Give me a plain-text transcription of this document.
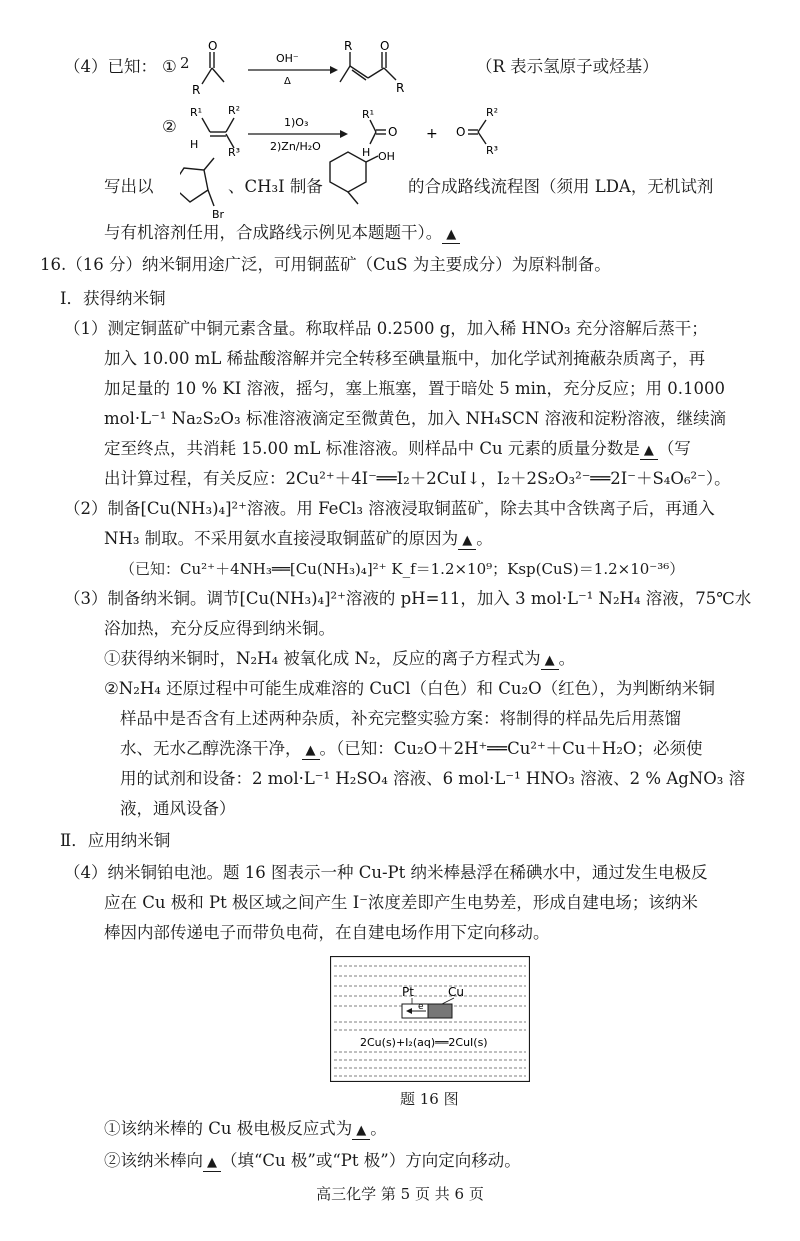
（4）已知： ① 2
O
R
OH⁻
Δ
R O
R
R¹ R²
H
R³
1)O₃
2)Zn/H₂O
R¹
O
H
+ O
R²
R³
Br
OH
（R 表示氢原子或烃基）
②
写出以	、CH₃I 制备	的合成路线流程图（须用 LDA，无机试剂
与有机溶剂任用，合成路线示例见本题题干）。 ▲
16.（16 分）纳米铜用途广泛，可用铜蓝矿（CuS 为主要成分）为原料制备。
Ⅰ．获得纳米铜
（1）测定铜蓝矿中铜元素含量。称取样品 0.2500 g，加入稀 HNO₃ 充分溶解后蒸干；
加入 10.00 mL 稀盐酸溶解并完全转移至碘量瓶中，加化学试剂掩蔽杂质离子，再
加足量的 10 % KI 溶液，摇匀，塞上瓶塞，置于暗处 5 min，充分反应；用 0.1000
mol·L⁻¹ Na₂S₂O₃ 标准溶液滴定至微黄色，加入 NH₄SCN 溶液和淀粉溶液，继续滴
定至终点，共消耗 15.00 mL 标准溶液。则样品中 Cu 元素的质量分数是 ▲ （写
出计算过程，有关反应：2Cu²⁺＋4I⁻══I₂＋2CuI↓，I₂＋2S₂O₃²⁻══2I⁻＋S₄O₆²⁻）。
（2）制备[Cu(NH₃)₄]²⁺溶液。用 FeCl₃ 溶液浸取铜蓝矿，除去其中含铁离子后，再通入
NH₃ 制取。不采用氨水直接浸取铜蓝矿的原因为 ▲ 。
（已知：Cu²⁺＋4NH₃══[Cu(NH₃)₄]²⁺ K_f＝1.2×10⁹；Ksp(CuS)＝1.2×10⁻³⁶）
（3）制备纳米铜。调节[Cu(NH₃)₄]²⁺溶液的 pH=11，加入 3 mol·L⁻¹ N₂H₄ 溶液，75℃水
浴加热，充分反应得到纳米铜。
①获得纳米铜时，N₂H₄ 被氧化成 N₂，反应的离子方程式为 ▲ 。
②N₂H₄ 还原过程中可能生成难溶的 CuCl（白色）和 Cu₂O（红色），为判断纳米铜
样品中是否含有上述两种杂质，补充完整实验方案：将制得的样品先后用蒸馏
水、无水乙醇洗涤干净， ▲ 。（已知：Cu₂O＋2H⁺══Cu²⁺＋Cu＋H₂O；必须使
用的试剂和设备：2 mol·L⁻¹ H₂SO₄ 溶液、6 mol·L⁻¹ HNO₃ 溶液、2 % AgNO₃ 溶
液，通风设备）
Ⅱ．应用纳米铜
（4）纳米铜铂电池。题 16 图表示一种 Cu-Pt 纳米棒悬浮在稀碘水中，通过发生电极反
应在 Cu 极和 Pt 极区域之间产生 I⁻浓度差即产生电势差，形成自建电场；该纳米
棒因内部传递电子而带负电荷，在自建电场作用下定向移动。
e
Pt	Cu
2Cu(s)+I₂(aq)══2CuI(s)
题 16 图
①该纳米棒的 Cu 极电极反应式为 ▲ 。
②该纳米棒向 ▲ （填“Cu 极”或“Pt 极”）方向定向移动。
高三化学 第 5 页 共 6 页
